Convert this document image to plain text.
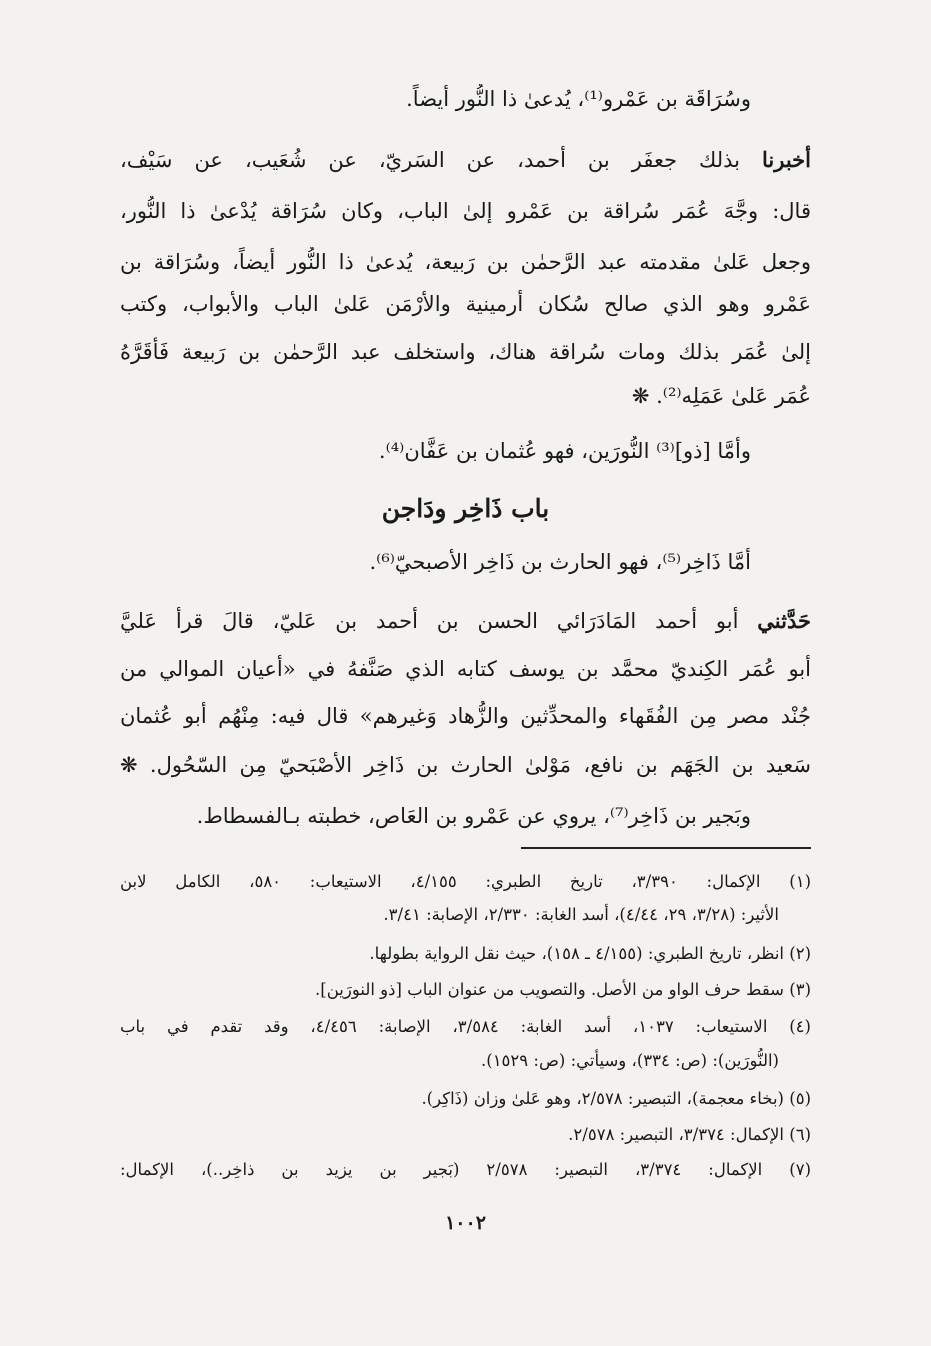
وسُرَاقَة بن عَمْرو⁽¹⁾، يُدعىٰ ذا النُّور أيضاً.
أخبرنا بذلك جعفَر بن أحمد، عن السَريّ، عن شُعَيب، عن سَيْف،
قال: وجَّهَ عُمَر سُراقة بن عَمْرو إلىٰ الباب، وكان سُرَاقة يُدْعىٰ ذا النُّور،
وجعل عَلىٰ مقدمته عبد الرَّحمٰن بن رَبيعة، يُدعىٰ ذا النُّور أيضاً، وسُرَاقة بن
عَمْرو وهو الذي صالح سُكان أرمينية والأرْمَن عَلىٰ الباب والأبواب، وكتب
إلىٰ عُمَر بذلك ومات سُراقة هناك، واستخلف عبد الرَّحمٰن بن رَبيعة فَأقَرَّهُ
عُمَر عَلىٰ عَمَلِه⁽²⁾. ❋
وأمَّا [ذو]⁽³⁾ النُّورَين، فهو عُثمان بن عَفَّان⁽⁴⁾.
باب ذَاخِر ودَاجن
أمَّا ذَاخِر⁽⁵⁾، فهو الحارث بن ذَاخِر الأصبحيّ⁽⁶⁾.
حَدَّثني أبو أحمد المَادَرَائي الحسن بن أحمد بن عَليّ، قالَ قرأ عَليَّ
أبو عُمَر الكِنديّ محمَّد بن يوسف كتابه الذي صَنَّفهُ في «أعيان الموالي من
جُنْد مصر مِن الفُقَهاء والمحدِّثين والزُّهاد وَغيرهم» قال فيه: مِنْهُم أبو عُثمان
سَعيد بن الجَهَم بن نافع، مَوْلىٰ الحارث بن ذَاخِر الأصْبَحيّ مِن السّحُول. ❋
وبَجير بن ذَاخِر⁽⁷⁾، يروي عن عَمْرو بن العَاص، خطبته بـالفسطاط.
(١) الإكمال: ٣/٣٩٠، تاريخ الطبري: ٤/١٥٥، الاستيعاب: ٥٨٠، الكامل لابن
الأثير: (٣/٢٨، ٢٩، ٤/٤٤)، أسد الغابة: ٢/٣٣٠، الإصابة: ٣/٤١.
(٢) انظر، تاريخ الطبري: (٤/١٥٥ ـ ١٥٨)، حيث نقل الرواية بطولها.
(٣) سقط حرف الواو من الأصل. والتصويب من عنوان الباب [ذو النورَين].
(٤) الاستيعاب: ١٠٣٧، أسد الغابة: ٣/٥٨٤، الإصابة: ٤/٤٥٦، وقد تقدم في باب
(النُّورَين): (ص: ٣٣٤)، وسيأتي: (ص: ١٥٢٩).
(٥) (بخاء معجمة)، التبصير: ٢/٥٧٨، وهو عَلىٰ وزان (ذَاكِر).
(٦) الإكمال: ٣/٣٧٤، التبصير: ٢/٥٧٨.
(٧) الإكمال: ٣/٣٧٤، التبصير: ٢/٥٧٨ (بَجير بن يزيد بن ذاخِر..)، الإكمال:
١٠٠٢
